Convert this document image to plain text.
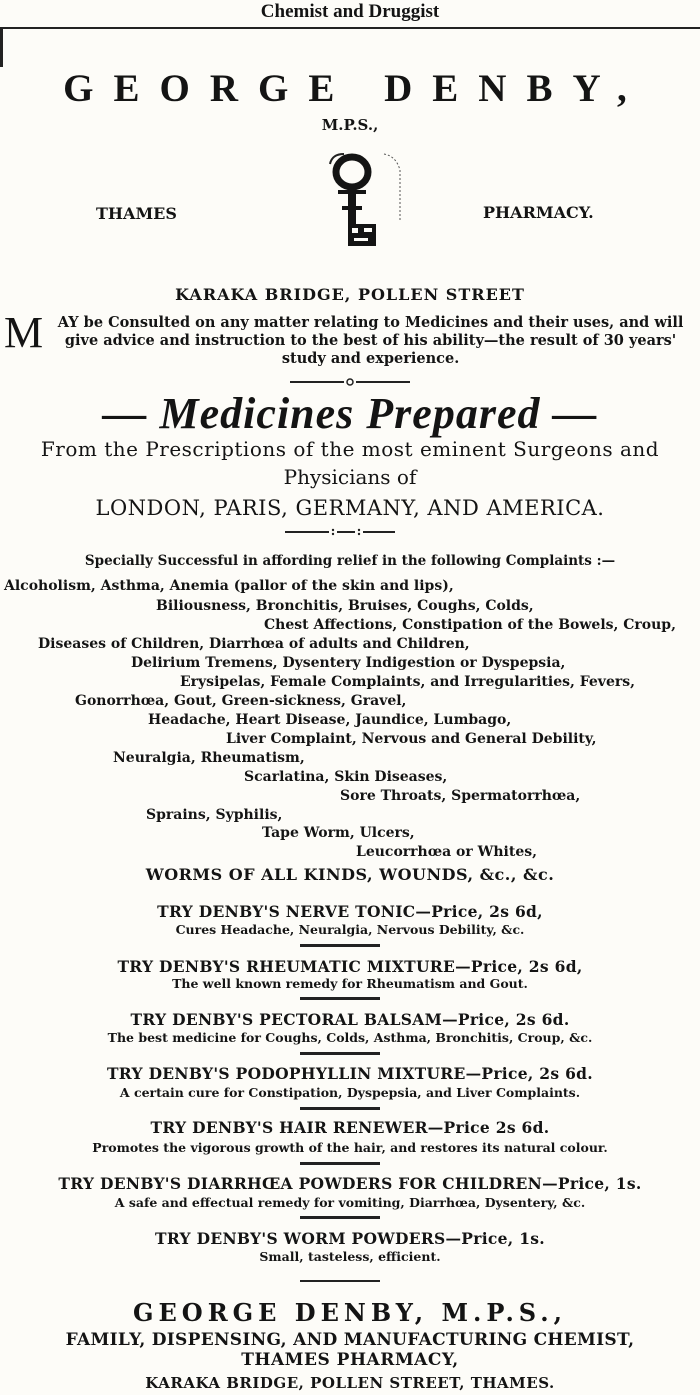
Chemist and Druggist
GEORGE DENBY,
M.P.S.,
THAMES	PHARMACY.
KARAKA BRIDGE, POLLEN STREET
M	AY be Consulted on any matter relating to Medicines and their uses, and will give advice and instruction to the best of his ability—the result of 30 years' study and experience.
— Medicines Prepared —
From the Prescriptions of the most eminent Surgeons and
Physicians of
LONDON, PARIS, GERMANY, AND AMERICA.
Specially Successful in affording relief in the following Complaints :—
Alcoholism, Asthma, Anemia (pallor of the skin and lips),
Biliousness, Bronchitis, Bruises, Coughs, Colds,
Chest Affections, Constipation of the Bowels, Croup,
Diseases of Children, Diarrhœa of adults and Children,
Delirium Tremens, Dysentery Indigestion or Dyspepsia,
Erysipelas, Female Complaints, and Irregularities, Fevers,
Gonorrhœa, Gout, Green-sickness, Gravel,
Headache, Heart Disease, Jaundice, Lumbago,
Liver Complaint, Nervous and General Debility,
Neuralgia, Rheumatism,
Scarlatina, Skin Diseases,
Sore Throats, Spermatorrhœa,
Sprains, Syphilis,
Tape Worm, Ulcers,
Leucorrhœa or Whites,
WORMS OF ALL KINDS, WOUNDS, &c., &c.
TRY DENBY'S NERVE TONIC—Price, 2s 6d,
Cures Headache, Neuralgia, Nervous Debility, &c.
TRY DENBY'S RHEUMATIC MIXTURE—Price, 2s 6d,
The well known remedy for Rheumatism and Gout.
TRY DENBY'S PECTORAL BALSAM—Price, 2s 6d.
The best medicine for Coughs, Colds, Asthma, Bronchitis, Croup, &c.
TRY DENBY'S PODOPHYLLIN MIXTURE—Price, 2s 6d.
A certain cure for Constipation, Dyspepsia, and Liver Complaints.
TRY DENBY'S HAIR RENEWER—Price 2s 6d.
Promotes the vigorous growth of the hair, and restores its natural colour.
TRY DENBY'S DIARRHŒA POWDERS FOR CHILDREN—Price, 1s.
A safe and effectual remedy for vomiting, Diarrhœa, Dysentery, &c.
TRY DENBY'S WORM POWDERS—Price, 1s.
Small, tasteless, efficient.
GEORGE DENBY, M.P.S.,
FAMILY, DISPENSING, AND MANUFACTURING CHEMIST,
THAMES PHARMACY,
KARAKA BRIDGE, POLLEN STREET, THAMES.
